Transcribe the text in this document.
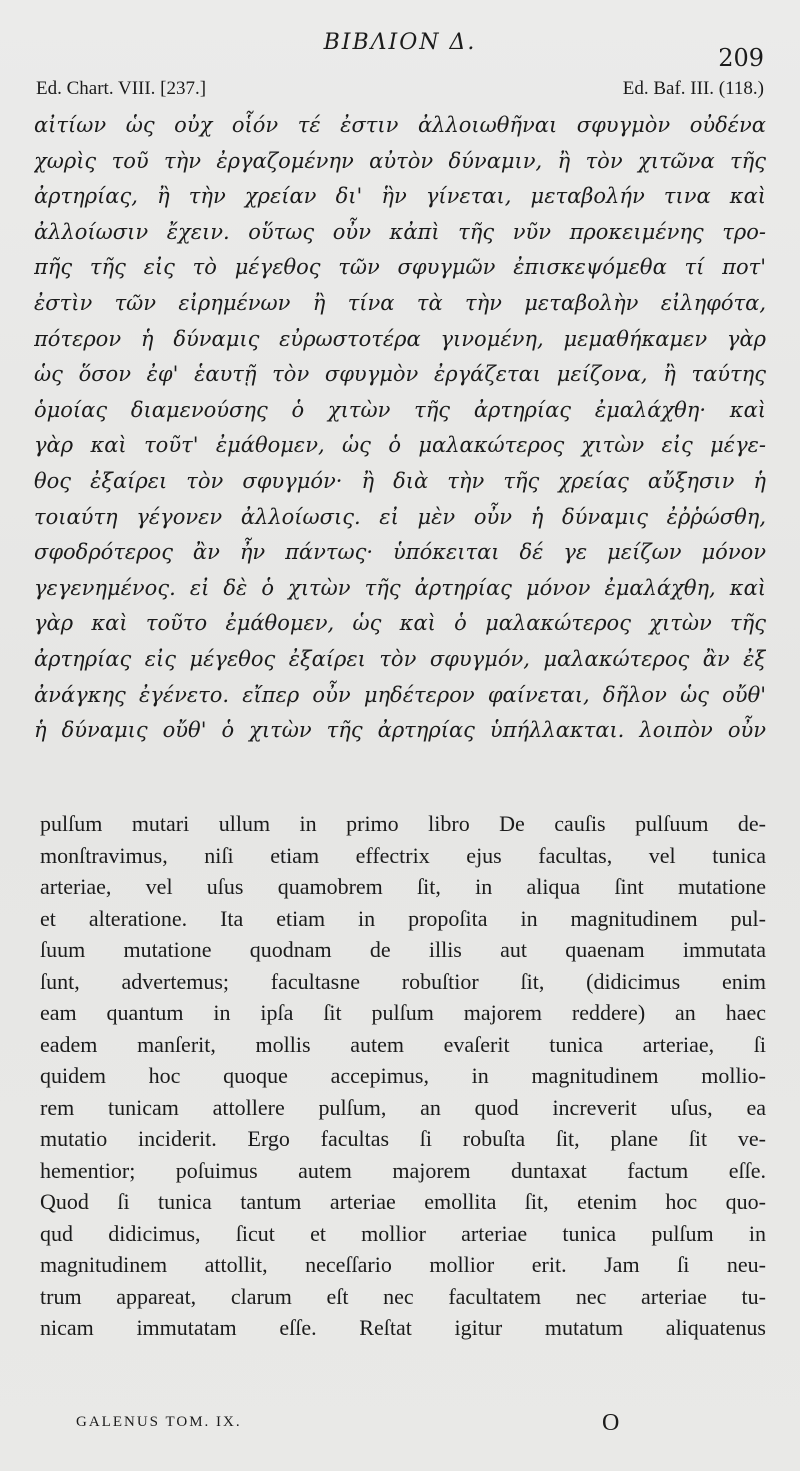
ΒΙΒΛΙΟΝ Δ.
209
Ed. Chart. VIII. [237.]	Ed. Baf. III. (118.)
αἰτίων ὡς οὐχ οἷόν τέ ἐστιν ἀλλοιωθῆναι σφυγμὸν οὐδένα
χωρὶς τοῦ τὴν ἐργαζομένην αὐτὸν δύναμιν, ἢ τὸν χιτῶνα τῆς
ἀρτηρίας, ἢ τὴν χρείαν δι' ἣν γίνεται, μεταβολήν τινα καὶ
ἀλλοίωσιν ἔχειν. οὕτως οὖν κἀπὶ τῆς νῦν προκειμένης τρο-
πῆς τῆς εἰς τὸ μέγεθος τῶν σφυγμῶν ἐπισκεψόμεθα τί ποτ'
ἐστὶν τῶν εἰρημένων ἢ τίνα τὰ τὴν μεταβολὴν εἰληφότα,
πότερον ἡ δύναμις εὐρωστοτέρα γινομένη, μεμαθήκαμεν γὰρ
ὡς ὅσον ἐφ' ἑαυτῇ τὸν σφυγμὸν ἐργάζεται μείζονα, ἢ ταύτης
ὁμοίας διαμενούσης ὁ χιτὼν τῆς ἀρτηρίας ἐμαλάχθη· καὶ
γὰρ καὶ τοῦτ' ἐμάθομεν, ὡς ὁ μαλακώτερος χιτὼν εἰς μέγε-
θος ἐξαίρει τὸν σφυγμόν· ἢ διὰ τὴν τῆς χρείας αὔξησιν ἡ
τοιαύτη γέγονεν ἀλλοίωσις. εἰ μὲν οὖν ἡ δύναμις ἐῤῥώσθη,
σφοδρότερος ἂν ἦν πάντως· ὑπόκειται δέ γε μείζων μόνον
γεγενημένος. εἰ δὲ ὁ χιτὼν τῆς ἀρτηρίας μόνον ἐμαλάχθη, καὶ
γὰρ καὶ τοῦτο ἐμάθομεν, ὡς καὶ ὁ μαλακώτερος χιτὼν τῆς
ἀρτηρίας εἰς μέγεθος ἐξαίρει τὸν σφυγμόν, μαλακώτερος ἂν ἐξ
ἀνάγκης ἐγένετο. εἴπερ οὖν μηδέτερον φαίνεται, δῆλον ὡς οὔθ'
ἡ δύναμις οὔθ' ὁ χιτὼν τῆς ἀρτηρίας ὑπήλλακται. λοιπὸν οὖν
pulſum mutari ullum in primo libro De cauſis pulſuum de-
monſtravimus, niſi etiam effectrix ejus facultas, vel tunica
arteriae, vel uſus quamobrem ſit, in aliqua ſint mutatione
et alteratione. Ita etiam in propoſita in magnitudinem pul-
ſuum mutatione quodnam de illis aut quaenam immutata
ſunt, advertemus; facultasne robuſtior ſit, (didicimus enim
eam quantum in ipſa ſit pulſum majorem reddere) an haec
eadem manſerit, mollis autem evaſerit tunica arteriae, ſi
quidem hoc quoque accepimus, in magnitudinem mollio-
rem tunicam attollere pulſum, an quod increverit uſus, ea
mutatio inciderit. Ergo facultas ſi robuſta ſit, plane ſit ve-
hementior; poſuimus autem majorem duntaxat factum eſſe.
Quod ſi tunica tantum arteriae emollita ſit, etenim hoc quo-
qud didicimus, ſicut et mollior arteriae tunica pulſum in
magnitudinem attollit, neceſſario mollior erit. Jam ſi neu-
trum appareat, clarum eſt nec facultatem nec arteriae tu-
nicam immutatam eſſe. Reſtat igitur mutatum aliquatenus
GALENUS TOM. IX.	O
